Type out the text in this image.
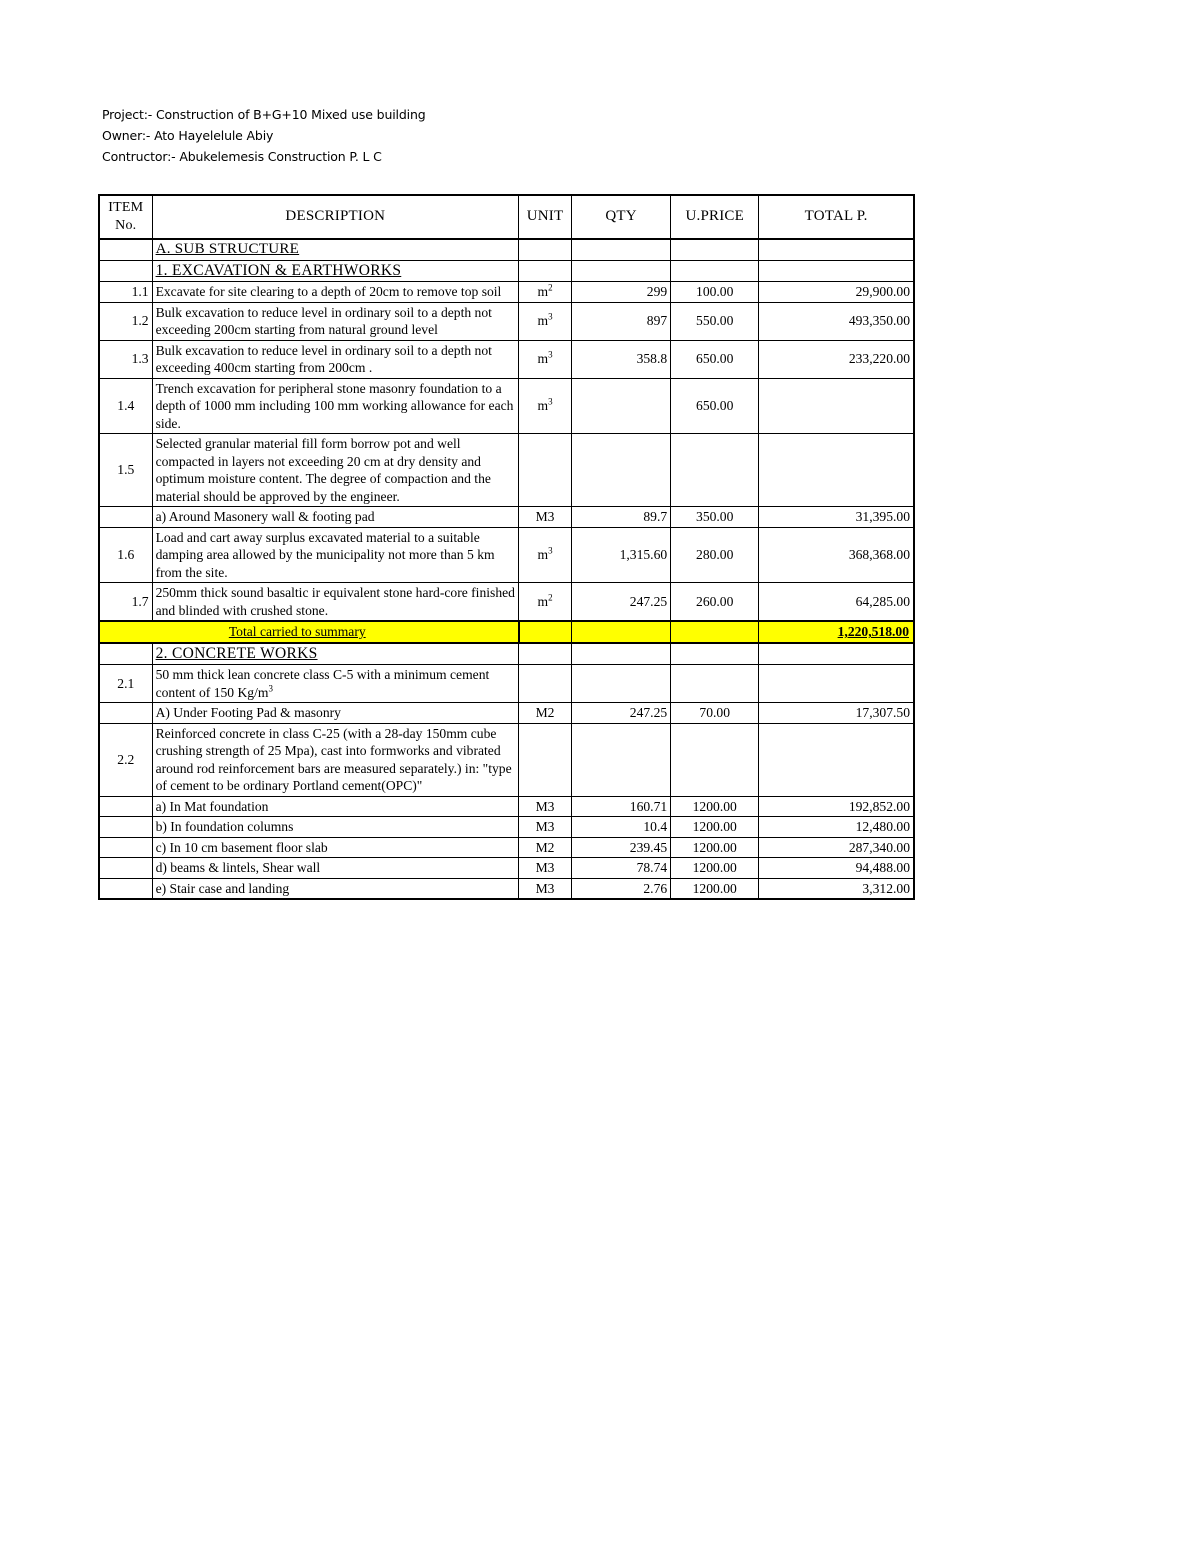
Project:- Construction of B+G+10 Mixed use building
Owner:- Ato Hayelelule Abiy
Contructor:- Abukelemesis Construction P. L C
ITEM
No.	DESCRIPTION	UNIT	QTY	U.PRICE	TOTAL P.
	A. SUB STRUCTURE				
	1. EXCAVATION & EARTHWORKS				
1.1	Excavate for site clearing to a depth of 20cm to remove top soil	$m^2$	299	100.00	29,900.00
1.2	Bulk excavation to reduce level in ordinary soil to a depth not exceeding 200cm starting from natural ground level	$m^3$	897	550.00	493,350.00
1.3	Bulk excavation to reduce level in ordinary soil to a depth not exceeding 400cm starting from 200cm .	$m^3$	358.8	650.00	233,220.00
1.4	Trench excavation for peripheral stone masonry foundation to a depth of 1000 mm including 100 mm working allowance for each side.	$m^3$		650.00	
1.5	Selected granular material fill form borrow pot and well compacted in layers not exceeding 20 cm at dry density and optimum moisture content. The degree of compaction and the material should be approved by the engineer.				
	a) Around Masonery wall & footing pad	M3	89.7	350.00	31,395.00
1.6	Load and cart away surplus excavated material to a suitable damping area allowed by the municipality not more than 5 km from the site.	$m^3$	1,315.60	280.00	368,368.00
1.7	250mm thick sound basaltic ir equivalent stone hard-core finished and blinded with crushed stone.	$m^2$	247.25	260.00	64,285.00
Total carried to summary					1,220,518.00
	2. CONCRETE WORKS				
2.1	50 mm thick lean concrete class C-5 with a minimum cement content of 150 $Kg/m^3$				
	A) Under Footing Pad & masonry	M2	247.25	70.00	17,307.50
2.2	Reinforced concrete in class C-25 (with a 28-day 150mm cube crushing strength of 25 Mpa), cast into formworks and vibrated around rod reinforcement bars are measured separately.) in: "type of cement to be ordinary Portland cement(OPC)"				
	a) In Mat foundation	M3	160.71	1200.00	192,852.00
	b) In foundation columns	M3	10.4	1200.00	12,480.00
	c) In 10 cm basement floor slab	M2	239.45	1200.00	287,340.00
	d) beams & lintels, Shear wall	M3	78.74	1200.00	94,488.00
	e) Stair case and landing	M3	2.76	1200.00	3,312.00
